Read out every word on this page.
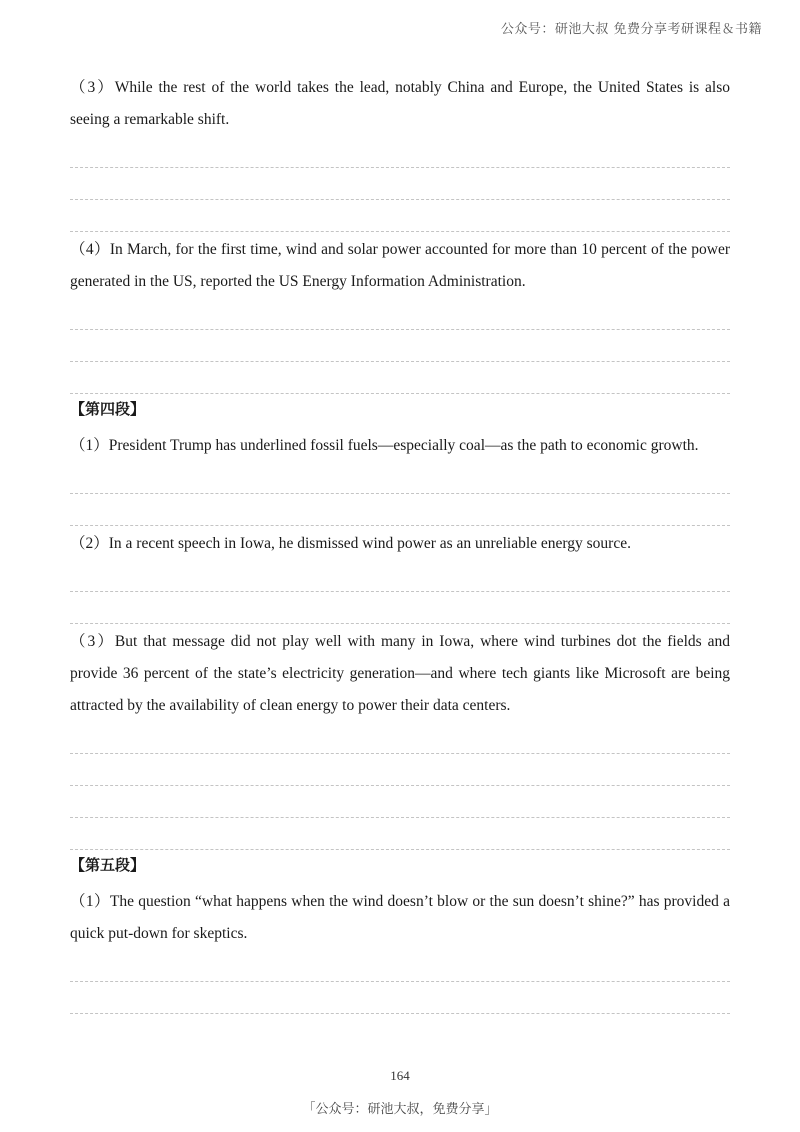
公众号：研池大叔 免费分享考研课程＆书籍

（3）While the rest of the world takes the lead, notably China and Europe, the United States is also seeing a remarkable shift.

（4）In March, for the first time, wind and solar power accounted for more than 10 percent of the power generated in the US, reported the US Energy Information Administration.

【第四段】

（1）President Trump has underlined fossil fuels—especially coal—as the path to economic growth.

（2）In a recent speech in Iowa, he dismissed wind power as an unreliable energy source.

（3）But that message did not play well with many in Iowa, where wind turbines dot the fields and provide 36 percent of the state’s electricity generation—and where tech giants like Microsoft are being attracted by the availability of clean energy to power their data centers.

【第五段】

（1）The question “what happens when the wind doesn’t blow or the sun doesn’t shine?” has provided a quick put-down for skeptics.

164
「公众号：研池大叔，免费分享」
